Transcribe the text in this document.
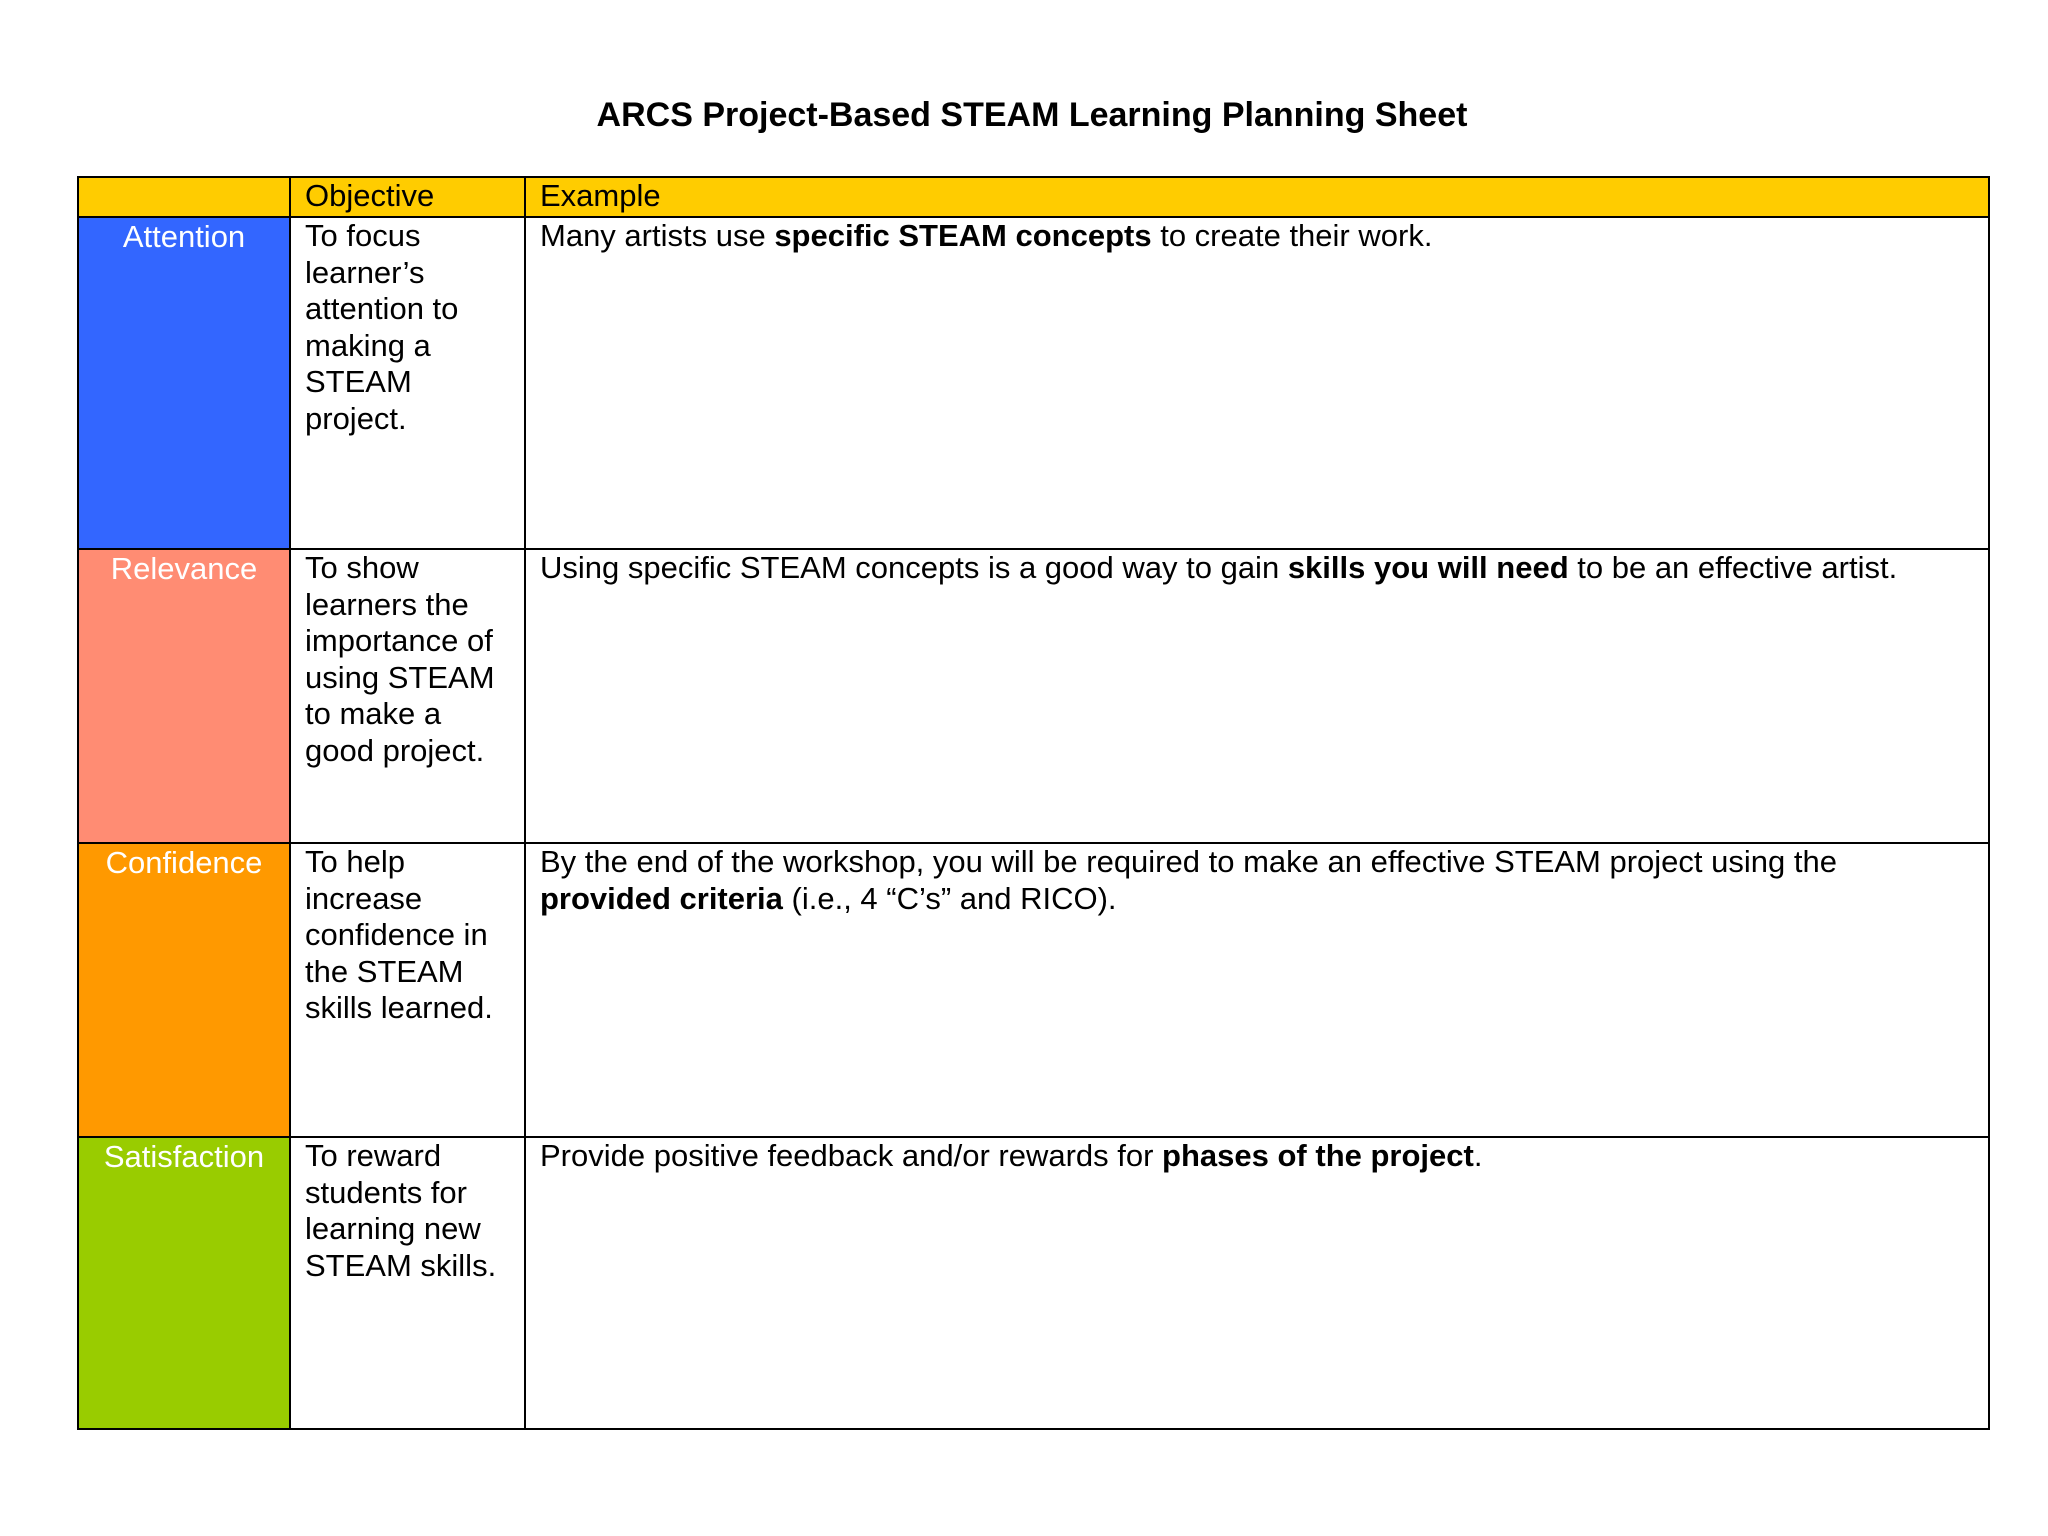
ARCS Project-Based STEAM Learning Planning Sheet

	Objective	Example

Attention	To focus learner’s attention to making a STEAM project.	Many artists use specific STEAM concepts to create their work.

Relevance	To show learners the importance of using STEAM to make a good project.	Using specific STEAM concepts is a good way to gain skills you will need to be an effective artist.

Confidence	To help increase confidence in the STEAM skills learned.	By the end of the workshop, you will be required to make an effective STEAM project using the provided criteria (i.e., 4 “C’s” and RICO).

Satisfaction	To reward students for learning new STEAM skills.	Provide positive feedback and/or rewards for phases of the project.
